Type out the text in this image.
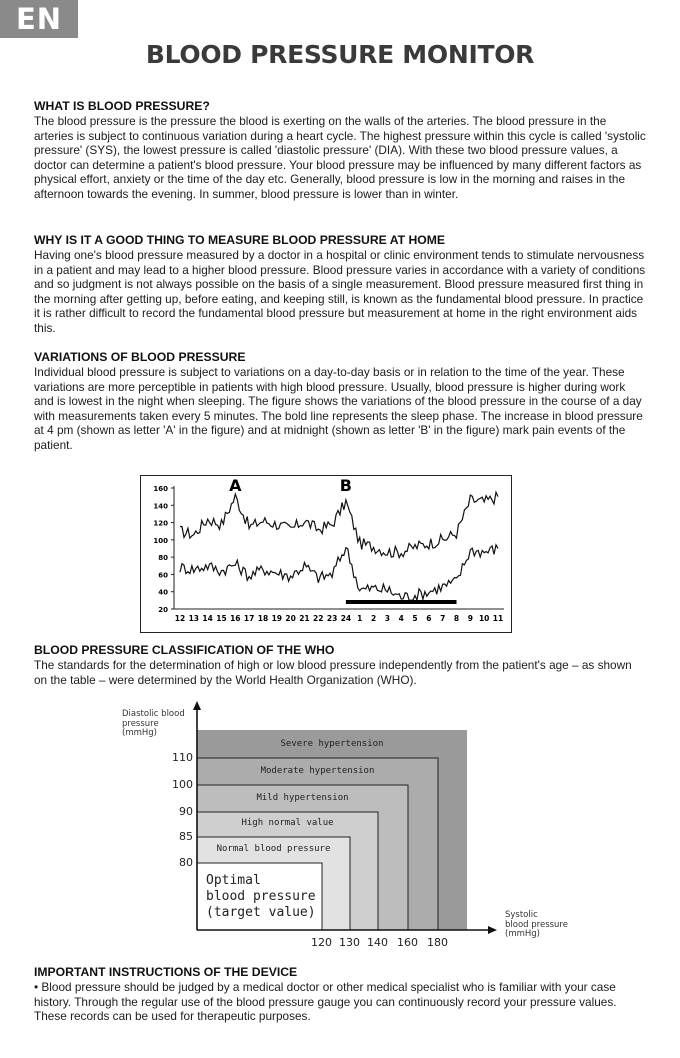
EN
BLOOD PRESSURE MONITOR
WHAT IS BLOOD PRESSURE?

The blood pressure is the pressure the blood is exerting on the walls of the arteries. The blood pressure in the arteries is subject to continuous variation during a heart cycle. The highest pressure within this cycle is called 'systolic pressure' (SYS), the lowest pressure is called 'diastolic pressure' (DIA). With these two blood pressure values, a doctor can determine a patient's blood pressure. Your blood pressure may be influenced by many different factors as physical effort, anxiety or the time of the day etc. Generally, blood pressure is low in the morning and raises in the afternoon towards the evening. In summer, blood pressure is lower than in winter.

WHY IS IT A GOOD THING TO MEASURE BLOOD PRESSURE AT HOME

Having one's blood pressure measured by a doctor in a hospital or clinic environment tends to stimulate nervousness in a patient and may lead to a higher blood pressure. Blood pressure varies in accordance with a variety of conditions and so judgment is not always possible on the basis of a single measurement. Blood pressure measured first thing in the morning after getting up, before eating, and keeping still, is known as the fundamental blood pressure. In practice it is rather difficult to record the fundamental blood pressure but measurement at home in the right environment aids this.

VARIATIONS OF BLOOD PRESSURE

Individual blood pressure is subject to variations on a day-to-day basis or in relation to the time of the year. These variations are more perceptible in patients with high blood pressure. Usually, blood pressure is higher during work and is lowest in the night when sleeping. The figure shows the variations of the blood pressure in the course of a day with measurements taken every 5 minutes. The bold line represents the sleep phase. The increase in blood pressure at 4 pm (shown as letter 'A' in the figure) and at midnight (shown as letter 'B' in the figure) mark pain events of the patient.

20
40
60
80
100
120
140
160
12 13 14 15 16 17 18 19 20 21 22 23 24 1 2 3 4 5 6 7 8 9 10 11
A	B
BLOOD PRESSURE CLASSIFICATION OF THE WHO

The standards for the determination of high or low blood pressure independently from the patient's age – as shown on the table – were determined by the World Health Organization (WHO).

Optimal
blood pressure
(target value)
Diastolic blood
pressure
(mmHg)
Systolic
blood pressure
(mmHg)
Severe hypertension
Moderate hypertension
Mild hypertension
High normal value
Normal blood pressure
80
85
90
100
110
120 130 140 160 180
IMPORTANT INSTRUCTIONS OF THE DEVICE

• Blood pressure should be judged by a medical doctor or other medical specialist who is familiar with your case history. Through the regular use of the blood pressure gauge you can continuously record your pressure values. These records can be used for therapeutic purposes.
